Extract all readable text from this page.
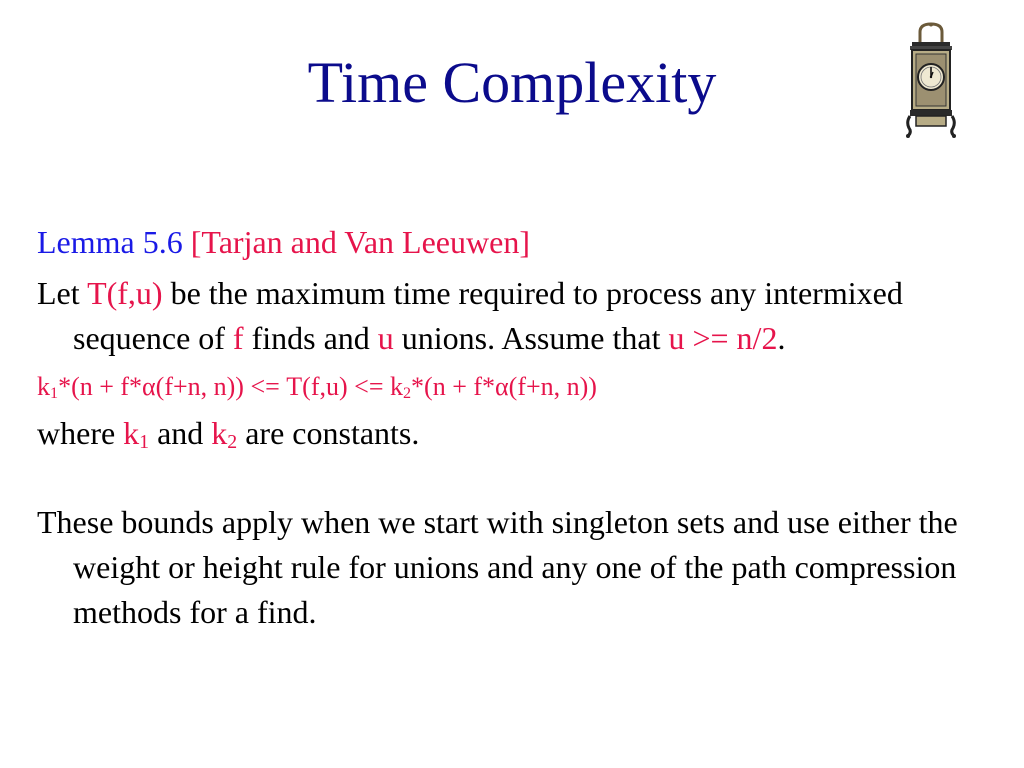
Time Complexity
Lemma 5.6 [Tarjan and Van Leeuwen]
Let T(f,u) be the maximum time required to process any intermixed sequence of f finds and u unions. Assume that u >= n/2.
$k_1*(n + f*\alpha(f+n$, $n)) <= T(f,u) <= k_2*(n + f*\alpha(f+n$, n))
where $k_1$ and $k_2$ are constants.
These bounds apply when we start with singleton sets and use either the weight or height rule for unions and any one of the path compression methods for a find.
